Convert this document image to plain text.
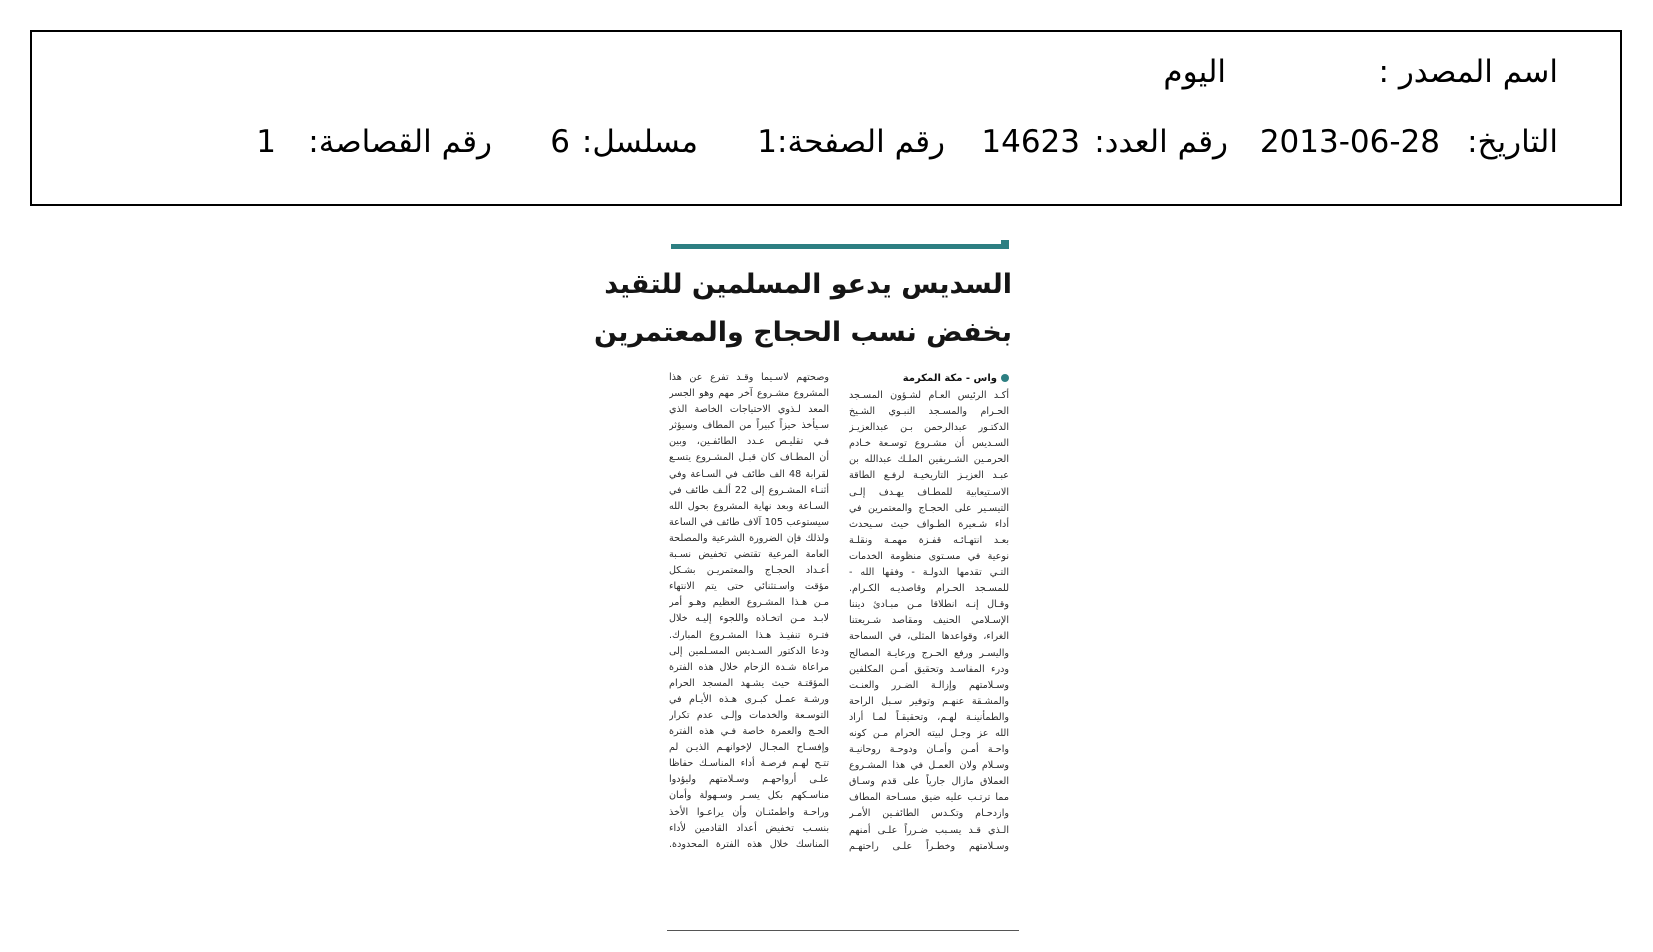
اسم المصدر :
اليوم
التاريخ:
2013-06-28
رقم العدد:
14623
رقم الصفحة:
1
مسلسل:
6
رقم القصاصة:
1
السديس يدعو المسلمين للتقيد
بخفض نسب الحجاج والمعتمرين
واس - مكة المكرمة
أكـد الرئيس العـام لشـؤون المسـجد
الحـرام والمسـجد النبـوي الشـيخ
الدكتـور عبدالرحمن بـن عبدالعزيـز
السـديس أن مشـروع توسـعة خـادم
الحرمـين الشـريفين الملـك عبدالله بن
عبـد العزيـز التاريخيـة لرفـع الطاقة
الاسـتيعابية للمطـاف يهـدف إلـى
التيسـير على الحجـاج والمعتمرين في
أداء شـعيرة الطـواف حيث سـيحدث
بعـد انتهـائـه قفـزة مهمـة ونقلـة
نوعية في مسـتوى منظومة الخدمات
التـي تقدمها الدولـة - وفقها الله -
للمسـجد الحـرام وقاصديـه الكـرام.
وقـال إنـه انطلاقا مـن مبـادئ ديننا
الإسـلامي الحنيف ومقاصد شـريعتنا
الغراء، وقواعدها المثلى، في السماحة
واليسـر ورفع الحـرج ورعايـة المصالح
ودرء المفاسـد وتحقيق أمـن المكلفين
وسـلامتهم وإزالـة الضـرر والعنـت
والمشـقة عنهـم وتوفير سـبل الراحة
والطمأنينـة لهـم، وتحقيقـاً لمـا أراد
الله عز وجـل لبيته الحرام مـن كونه
واحـة أمـن وأمـان ودوحـة روحانيـة
وسـلام ولان العمـل في هذا المشـروع
العملاق مازال جارياً على قدم وسـاق
مما ترتـب عليه ضيق مسـاحة المطاف
وازدحـام وتكـدس الطائفـين الأمـر
الـذي قـد يسـبب ضـرراً علـى أمنهم
وسـلامتهم وخطـراً علـى راحتهـم
وصحتهم لاسـيما وقـد تفرع عن هذا
المشروع مشـروع آخر مهم وهو الجسر
المعد لـذوي الاحتياجات الخاصة الذي
سـيأخذ حيزاً كبيراً من المطاف وسيؤثر
فـي تقليـص عـدد الطائفـين، وبين
أن المطـاف كان قبـل المشـروع يتسـع
لقرابة 48 الف طائف في السـاعة وفي
أثنـاء المشـروع إلى 22 ألـف طائف في
السـاعة وبعد نهاية المشروع بحول الله
سيستوعب 105 آلاف طائف في الساعة
ولذلك فإن الضرورة الشرعية والمصلحة
العامة المرعية تقتضي تخفيض نسـبة
أعـداد الحجـاج والمعتمريـن بشـكل
مؤقت واسـتثنائي حتى يتم الانتهاء
مـن هـذا المشـروع العظيم وهـو أمر
لابـد مـن اتخـاذه واللجوء إليـه خلال
فتـرة تنفيـذ هـذا المشـروع المبارك.
ودعا الدكتور السـديس المسـلمين إلى
مراعاة شـدة الزحام خلال هذه الفترة
المؤقتـة حيث يشـهد المسجد الحرام
ورشـة عمـل كبـرى هـذه الأيـام في
التوسـعة والخدمات وإلـى عدم تكرار
الحـج والعمرة خاصة فـي هذه الفترة
وإفسـاح المجـال لإخوانهـم الذيـن لم
تتـح لهـم فرصـة أداء المناسـك حفاظا
علـى أرواحهـم وسـلامتهم وليؤدوا
مناسـكهم بكل يسـر وسـهولة وأمان
وراحـة واطمئنـان وأن يراعـوا الأخذ
بنسـب تخفيض أعداد القادمين لأداء
المناسك خلال هذه الفترة المحدودة.
